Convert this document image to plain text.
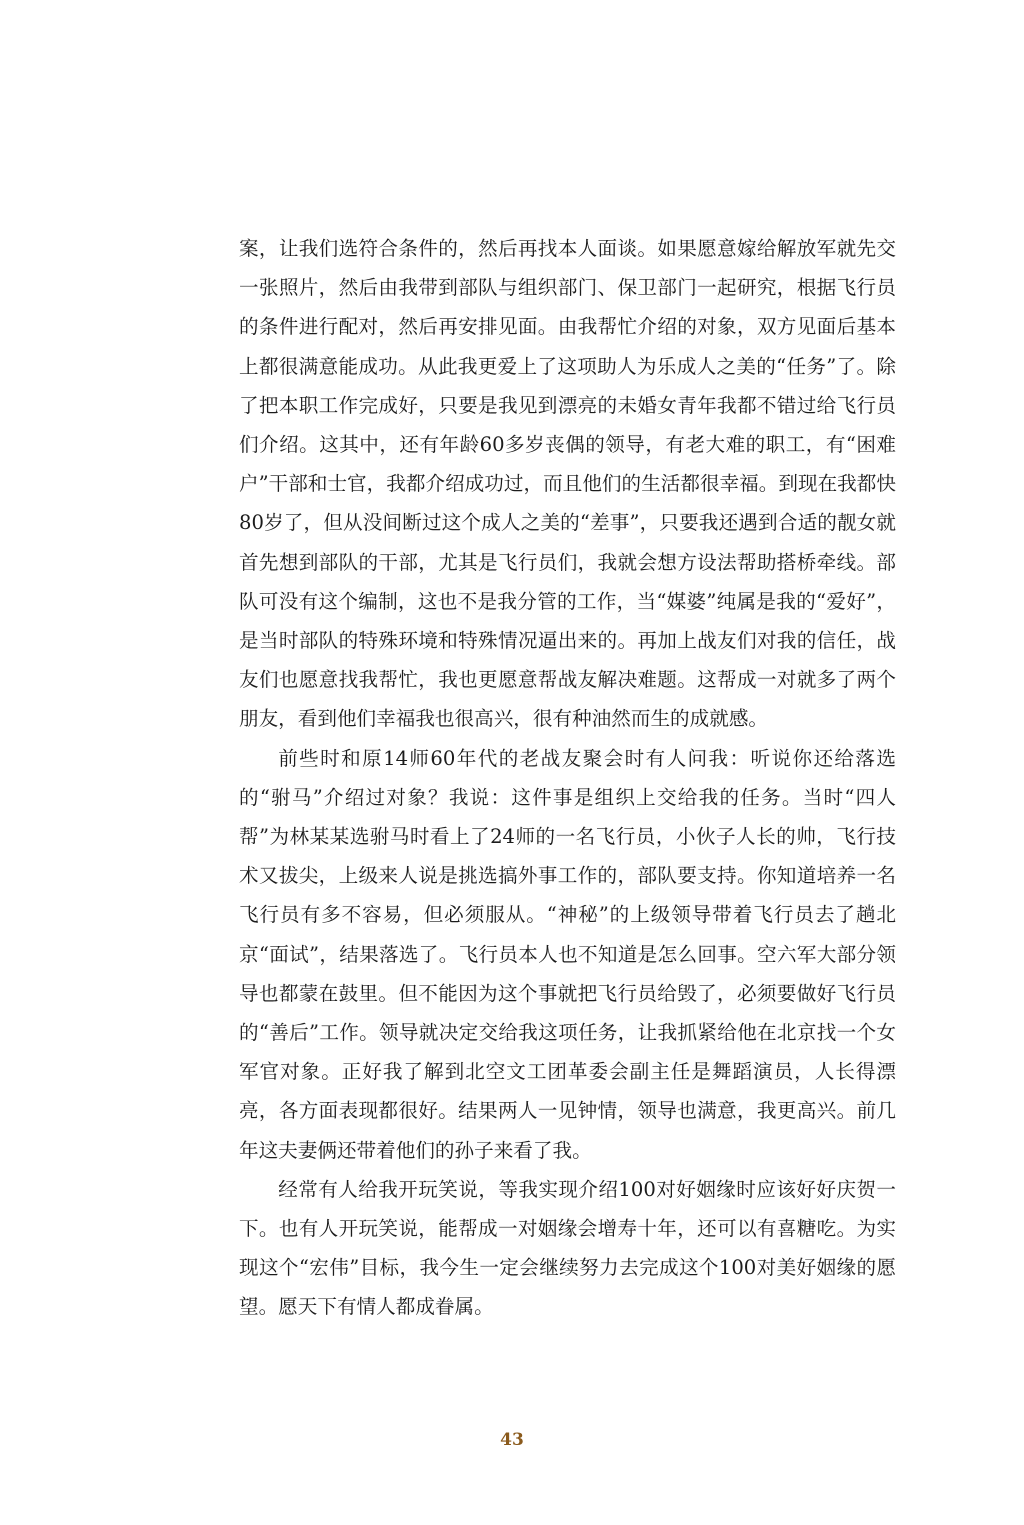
案，让我们选符合条件的，然后再找本人面谈。如果愿意嫁给解放军就先交一张照片，然后由我带到部队与组织部门、保卫部门一起研究，根据飞行员的条件进行配对，然后再安排见面。由我帮忙介绍的对象，双方见面后基本上都很满意能成功。从此我更爱上了这项助人为乐成人之美的“任务”了。除了把本职工作完成好，只要是我见到漂亮的未婚女青年我都不错过给飞行员们介绍。这其中，还有年龄60多岁丧偶的领导，有老大难的职工，有“困难户”干部和士官，我都介绍成功过，而且他们的生活都很幸福。到现在我都快80岁了，但从没间断过这个成人之美的“差事”，只要我还遇到合适的靓女就首先想到部队的干部，尤其是飞行员们，我就会想方设法帮助搭桥牵线。部队可没有这个编制，这也不是我分管的工作，当“媒婆”纯属是我的“爱好”，是当时部队的特殊环境和特殊情况逼出来的。再加上战友们对我的信任，战友们也愿意找我帮忙，我也更愿意帮战友解决难题。这帮成一对就多了两个朋友，看到他们幸福我也很高兴，很有种油然而生的成就感。

前些时和原14师60年代的老战友聚会时有人问我：听说你还给落选的“驸马”介绍过对象？我说：这件事是组织上交给我的任务。当时“四人帮”为林某某选驸马时看上了24师的一名飞行员，小伙子人长的帅，飞行技术又拔尖，上级来人说是挑选搞外事工作的，部队要支持。你知道培养一名飞行员有多不容易，但必须服从。“神秘”的上级领导带着飞行员去了趟北京“面试”，结果落选了。飞行员本人也不知道是怎么回事。空六军大部分领导也都蒙在鼓里。但不能因为这个事就把飞行员给毁了，必须要做好飞行员的“善后”工作。领导就决定交给我这项任务，让我抓紧给他在北京找一个女军官对象。正好我了解到北空文工团革委会副主任是舞蹈演员，人长得漂亮，各方面表现都很好。结果两人一见钟情，领导也满意，我更高兴。前几年这夫妻俩还带着他们的孙子来看了我。

经常有人给我开玩笑说，等我实现介绍100对好姻缘时应该好好庆贺一下。也有人开玩笑说，能帮成一对姻缘会增寿十年，还可以有喜糖吃。为实现这个“宏伟”目标，我今生一定会继续努力去完成这个100对美好姻缘的愿望。愿天下有情人都成眷属。

43
